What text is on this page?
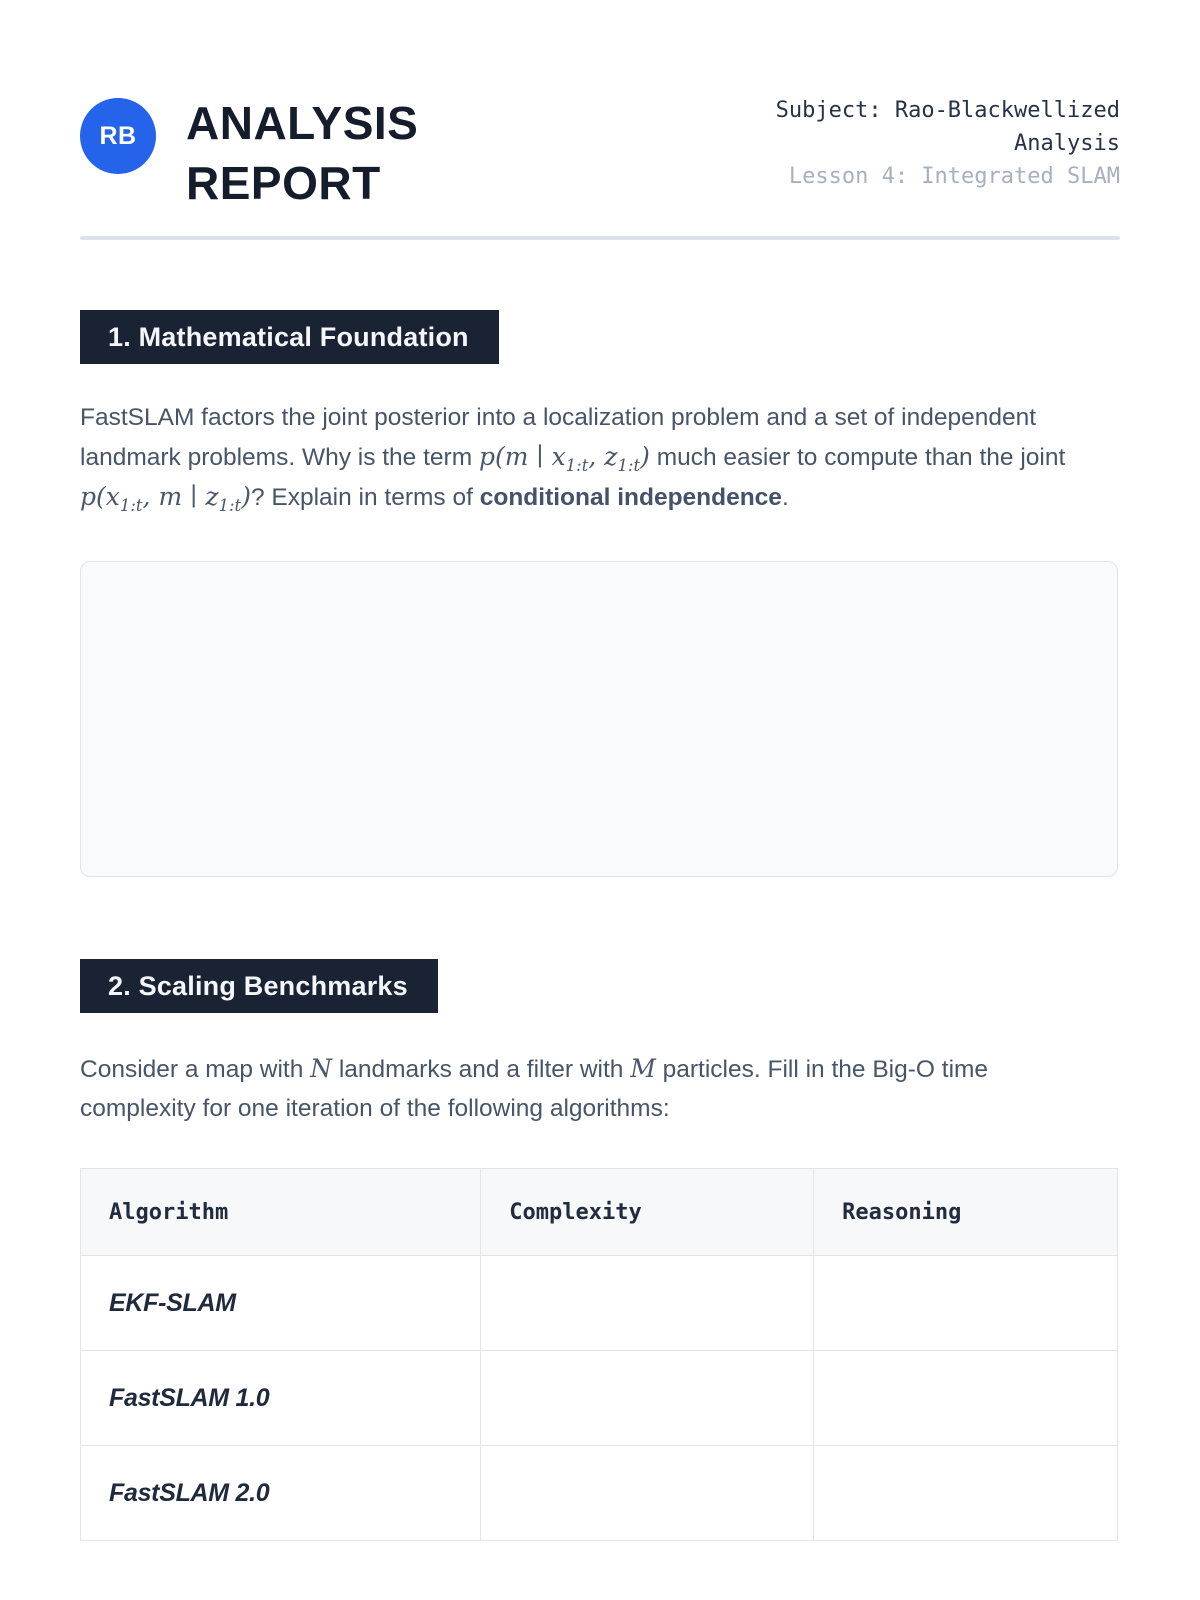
RB ANALYSIS
REPORT
Subject: Rao-Blackwellized Analysis
Lesson 4: Integrated SLAM
1. Mathematical Foundation

FastSLAM factors the joint posterior into a localization problem and a set of independent landmark problems. Why is the term p(m ∣ $x_{1:t}$, $z_{1:t}$) much easier to compute than the joint $p(x_{1:t}$, m ∣ $z_{1:t}$)? Explain in terms of conditional independence.

2. Scaling Benchmarks

Consider a map with N landmarks and a filter with M particles. Fill in the Big-O time complexity for one iteration of the following algorithms:

Algorithm	Complexity	Reasoning
EKF-SLAM		
FastSLAM 1.0		
FastSLAM 2.0		
